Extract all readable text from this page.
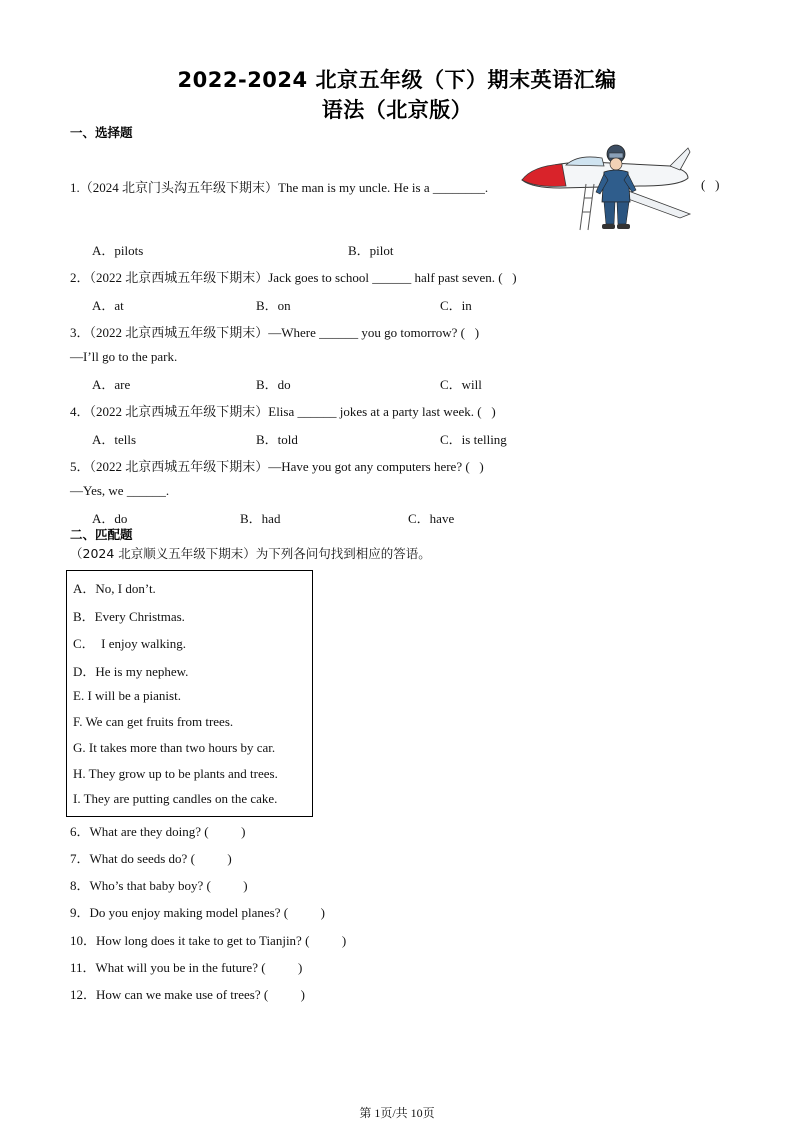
2022-2024 北京五年级（下）期末英语汇编
语法（北京版）
一、选择题
1.（2024 北京门头沟五年级下期末）The man is my uncle. He is a ________.	(   )
A．pilots	B．pilot
2．（2022 北京西城五年级下期末）Jack goes to school ______ half past seven. (   )
A．at	B．on	C．in
3．（2022 北京西城五年级下期末）—Where ______ you go tomorrow? (   )
—I’ll go to the park.
A．are	B．do	C．will
4．（2022 北京西城五年级下期末）Elisa ______ jokes at a party last week. (   )
A．tells	B．told	C．is telling
5．（2022 北京西城五年级下期末）—Have you got any computers here? (   )
—Yes, we ______.
A．do	B．had	C．have
二、匹配题
（2024 北京顺义五年级下期末）为下列各问句找到相应的答语。
A．No, I don’t.
B．Every Christmas.
C．  I enjoy walking.
D．He is my nephew.
E. I will be a pianist.
F. We can get fruits from trees.
G. It takes more than two hours by car.
H. They grow up to be plants and trees.
I. They are putting candles on the cake.
6．What are they doing? (          )
7．What do seeds do? (          )
8．Who’s that baby boy? (          )
9．Do you enjoy making model planes? (          )
10．How long does it take to get to Tianjin? (          )
11．What will you be in the future? (          )
12．How can we make use of trees? (          )
第 1页/共 10页
